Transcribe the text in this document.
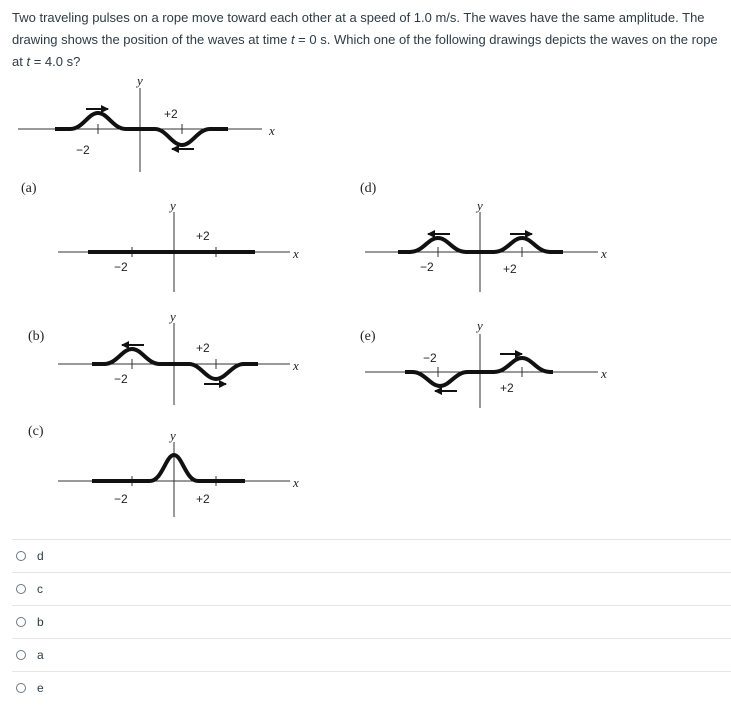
Two traveling pulses on a rope move toward each other at a speed of 1.0 m/s. The waves have the same amplitude. The drawing shows the position of the waves at time t = 0 s. Which one of the following drawings depicts the waves on the rope at t = 4.0 s?
y
x
−2
+2
(a)
y
x
−2
+2
(b)
y
x
−2
+2
(c)	y
x
−2	+2
(d)
y
x
−2	+2
(e)
y
x
−2
+2
d
c
b
a
e
